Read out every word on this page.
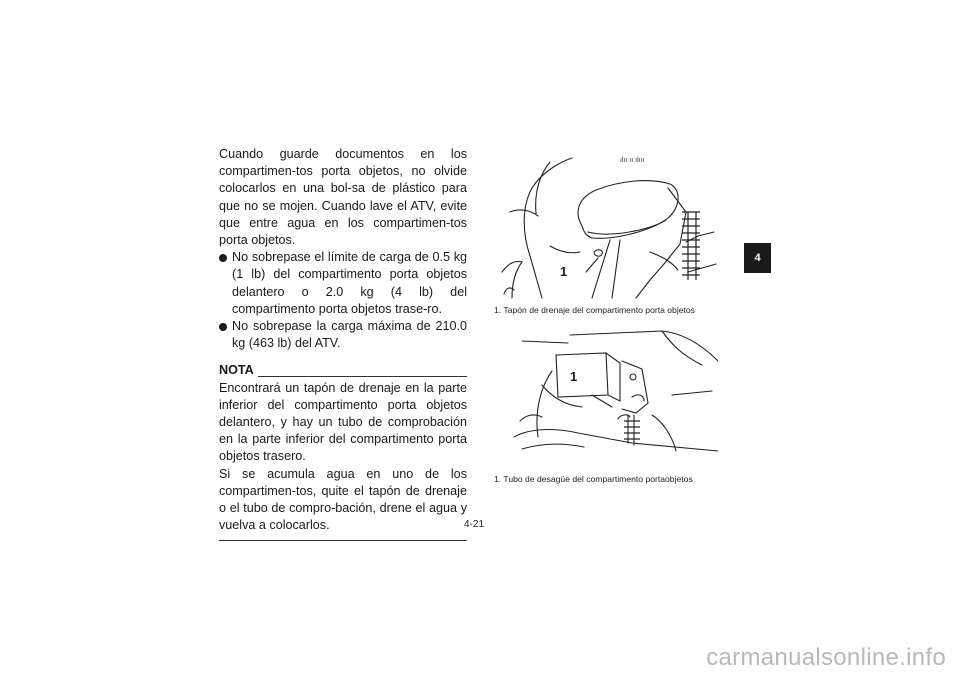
Cuando guarde documentos en los compartimen-tos porta objetos, no olvide colocarlos en una bol-sa de plástico para que no se mojen. Cuando lave el ATV, evite que entre agua en los compartimen-tos porta objetos.

No sobrepase el límite de carga de 0.5 kg (1 lb) del compartimento porta objetos delantero o 2.0 kg (4 lb) del compartimento porta objetos trase-ro.
No sobrepase la carga máxima de 210.0 kg (463 lb) del ATV.
NOTA

Encontrará un tapón de drenaje en la parte inferior del compartimento porta objetos delantero, y hay un tubo de comprobación en la parte inferior del compartimento porta objetos trasero.

Si se acumula agua en uno de los compartimen-tos, quite el tapón de drenaje o el tubo de compro-bación, drene el agua y vuelva a colocarlos.

ılıı ıı ılııı
1
1. Tapón de drenaje del compartimento porta objetos
1
1. Tubo de desagüe del compartimento portaobjetos
4
4-21
carmanualsonline.info
